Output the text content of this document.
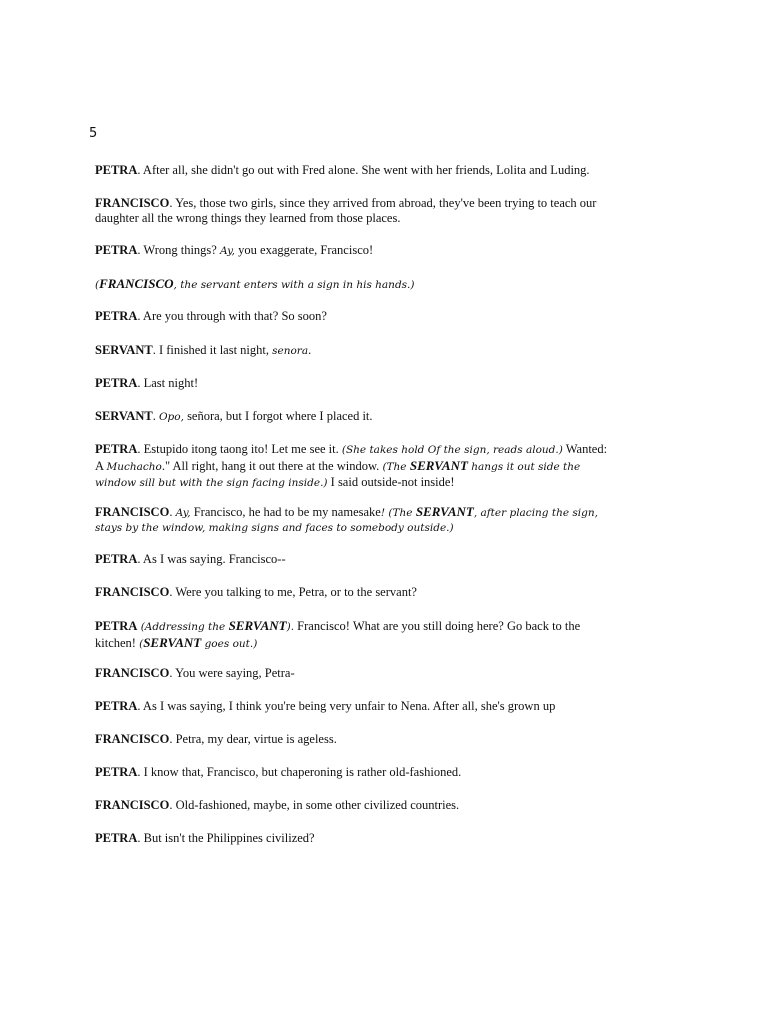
5

PETRA. After all, she didn't go out with Fred alone. She went with her friends, Lolita and Luding.

FRANCISCO. Yes, those two girls, since they arrived from abroad, they've been trying to teach our
daughter all the wrong things they learned from those places.

PETRA. Wrong things? Ay, you exaggerate, Francisco!

(FRANCISCO, the servant enters with a sign in his hands.)

PETRA. Are you through with that? So soon?

SERVANT. I finished it last night, senora.

PETRA. Last night!

SERVANT. Opo, señora, but I forgot where I placed it.

PETRA. Estupido itong taong ito! Let me see it. (She takes hold Of the sign, reads aloud.) Wanted:
A Muchacho." All right, hang it out there at the window. (The SERVANT hangs it out side the
window sill but with the sign facing inside.) I said outside-not inside!

FRANCISCO. Ay, Francisco, he had to be my namesake! (The SERVANT, after placing the sign,
stays by the window, making signs and faces to somebody outside.)

PETRA. As I was saying. Francisco--

FRANCISCO. Were you talking to me, Petra, or to the servant?

PETRA (Addressing the SERVANT). Francisco! What are you still doing here? Go back to the
kitchen! (SERVANT goes out.)

FRANCISCO. You were saying, Petra-

PETRA. As I was saying, I think you're being very unfair to Nena. After all, she's grown up

FRANCISCO. Petra, my dear, virtue is ageless.

PETRA. I know that, Francisco, but chaperoning is rather old-fashioned.

FRANCISCO. Old-fashioned, maybe, in some other civilized countries.

PETRA. But isn't the Philippines civilized?
